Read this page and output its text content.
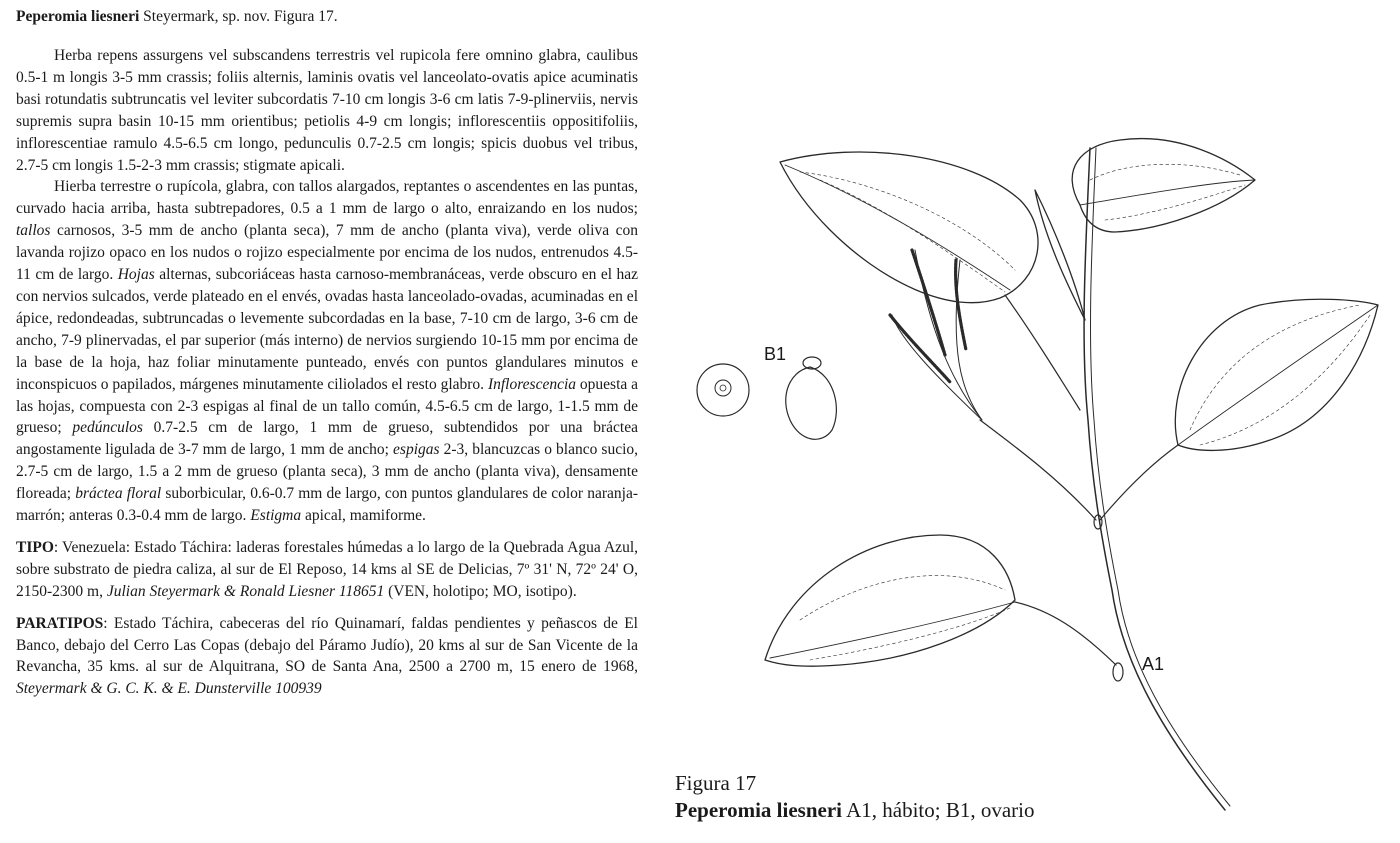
Peperomia liesneri Steyermark, sp. nov. Figura 17.

Herba repens assurgens vel subscandens terrestris vel rupicola fere omnino glabra, caulibus 0.5-1 m longis 3-5 mm crassis; foliis alternis, laminis ovatis vel lanceolato-ovatis apice acuminatis basi rotundatis subtruncatis vel leviter subcordatis 7-10 cm longis 3-6 cm latis 7-9-plinerviis, nervis supremis supra basin 10-15 mm orientibus; petiolis 4-9 cm longis; inflorescentiis oppositifoliis, inflorescentiae ramulo 4.5-6.5 cm longo, pedunculis 0.7-2.5 cm longis; spicis duobus vel tribus, 2.7-5 cm longis 1.5-2-3 mm crassis; stigmate apicali.

Hierba terrestre o rupícola, glabra, con tallos alargados, reptantes o ascendentes en las puntas, curvado hacia arriba, hasta subtrepadores, 0.5 a 1 mm de largo o alto, enraizando en los nudos; tallos carnosos, 3-5 mm de ancho (planta seca), 7 mm de ancho (planta viva), verde oliva con lavanda rojizo opaco en los nudos o rojizo especialmente por encima de los nudos, entrenudos 4.5-11 cm de largo. Hojas alternas, subcoriáceas hasta carnoso-membranáceas, verde obscuro en el haz con nervios sulcados, verde plateado en el envés, ovadas hasta lanceolado-ovadas, acuminadas en el ápice, redondeadas, subtruncadas o levemente subcordadas en la base, 7-10 cm de largo, 3-6 cm de ancho, 7-9 plinervadas, el par superior (más interno) de nervios surgiendo 10-15 mm por encima de la base de la hoja, haz foliar minutamente punteado, envés con puntos glandulares minutos e inconspicuos o papilados, márgenes minutamente ciliolados el resto glabro. Inflorescencia opuesta a las hojas, compuesta con 2-3 espigas al final de un tallo común, 4.5-6.5 cm de largo, 1-1.5 mm de grueso; pedúnculos 0.7-2.5 cm de largo, 1 mm de grueso, subtendidos por una bráctea angostamente ligulada de 3-7 mm de largo, 1 mm de ancho; espigas 2-3, blancuzcas o blanco sucio, 2.7-5 cm de largo, 1.5 a 2 mm de grueso (planta seca), 3 mm de ancho (planta viva), densamente floreada; bráctea floral suborbicular, 0.6-0.7 mm de largo, con puntos glandulares de color naranja-marrón; anteras 0.3-0.4 mm de largo. Estigma apical, mamiforme.

TIPO: Venezuela: Estado Táchira: laderas forestales húmedas a lo largo de la Quebrada Agua Azul, sobre substrato de piedra caliza, al sur de El Reposo, 14 kms al SE de Delicias, 7º 31' N, 72º 24' O, 2150-2300 m, Julian Steyermark & Ronald Liesner 118651 (VEN, holotipo; MO, isotipo).

PARATIPOS: Estado Táchira, cabeceras del río Quinamarí, faldas pendientes y peñascos de El Banco, debajo del Cerro Las Copas (debajo del Páramo Judío), 20 kms al sur de San Vicente de la Revancha, 35 kms. al sur de Alquitrana, SO de Santa Ana, 2500 a 2700 m, 15 enero de 1968, Steyermark & G. C. K. & E. Dunsterville 100939

B1
A1
Figura 17
Peperomia liesneri A1, hábito; B1, ovario
